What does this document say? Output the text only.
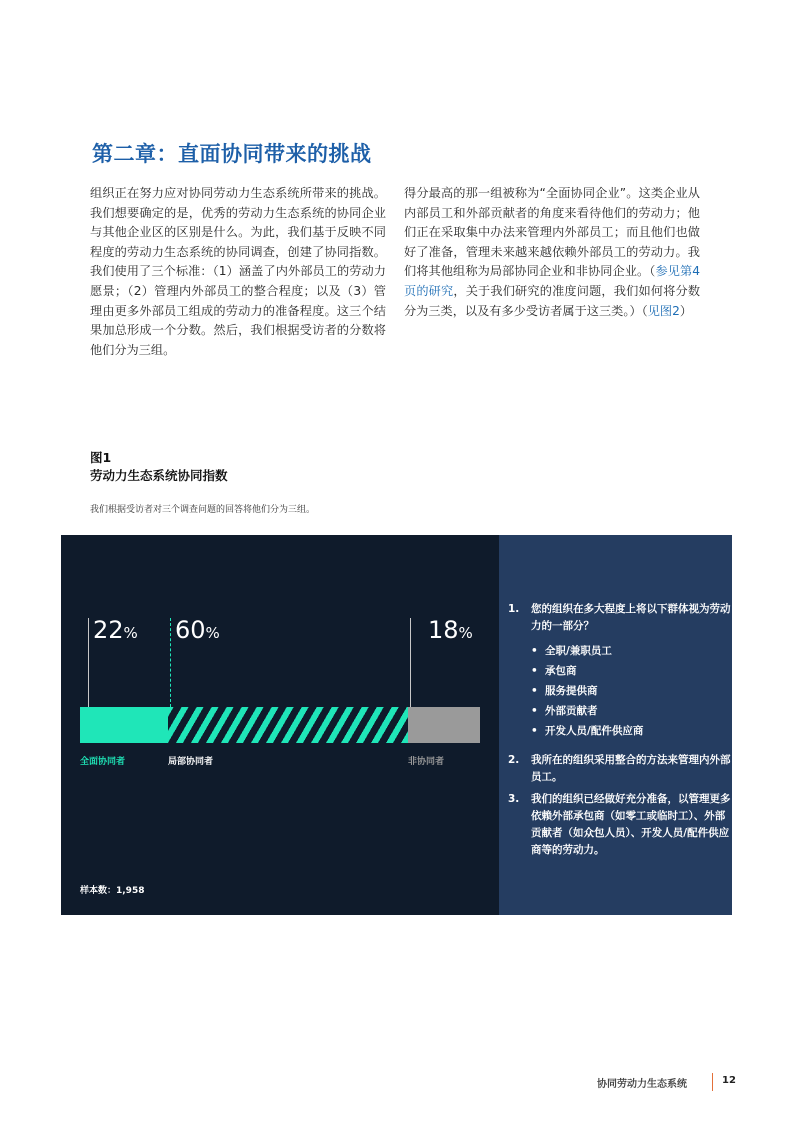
第二章：直面协同带来的挑战
组织正在努力应对协同劳动力生态系统所带来的挑战。我们想要确定的是，优秀的劳动力生态系统的协同企业与其他企业区的区别是什么。为此，我们基于反映不同程度的劳动力生态系统的协同调查，创建了协同指数。我们使用了三个标准：（1）涵盖了内外部员工的劳动力愿景；（2）管理内外部员工的整合程度；以及（3）管理由更多外部员工组成的劳动力的准备程度。这三个结果加总形成一个分数。然后，我们根据受访者的分数将他们分为三组。
得分最高的那一组被称为“全面协同企业”。这类企业从内部员工和外部贡献者的角度来看待他们的劳动力；他们正在采取集中办法来管理内外部员工；而且他们也做好了准备，管理未来越来越依赖外部员工的劳动力。我们将其他组称为局部协同企业和非协同企业。（参见第4页的研究，关于我们研究的准度问题，我们如何将分数分为三类，以及有多少受访者属于这三类。）（见图2）
图1
劳动力生态系统协同指数
我们根据受访者对三个调查问题的回答将他们分为三组。
全面协同者
22%
局部协同者
60%
非协同者
18%
样本数：1,958
1. 您的组织在多大程度上将以下群体视为劳动力的一部分？
• 全职/兼职员工
• 承包商
• 服务提供商
• 外部贡献者
• 开发人员/配件供应商
2. 我所在的组织采用整合的方法来管理内外部员工。
3. 我们的组织已经做好充分准备，以管理更多依赖外部承包商（如零工或临时工）、外部贡献者（如众包人员）、开发人员/配件供应商等的劳动力。
协同劳动力生态系统	12
